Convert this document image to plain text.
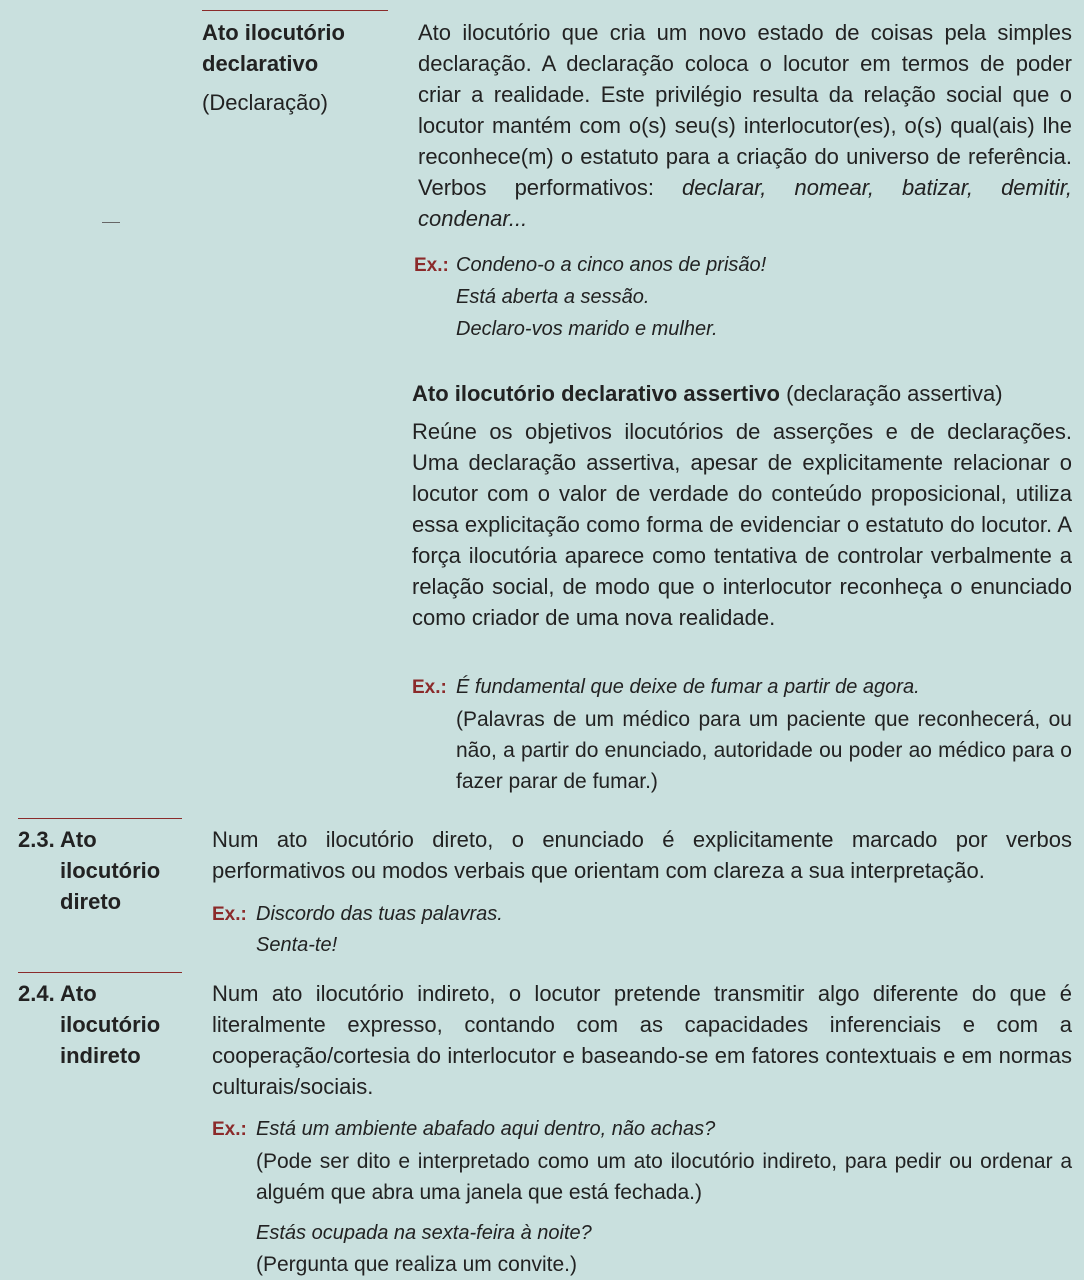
Ato ilocutório
declarativo
(Declaração)
Ato ilocutório que cria um novo estado de coisas pela simples declaração. A declaração coloca o locutor em termos de poder criar a realidade. Este privilégio resulta da relação social que o locutor mantém com o(s) seu(s) interlocutor(es), o(s) qual(ais) lhe reconhece(m) o estatuto para a criação do universo de referência. Verbos performativos: declarar, nomear, batizar, demitir, condenar...
Ex.: Condeno-o a cinco anos de prisão!
Está aberta a sessão.
Declaro-vos marido e mulher.
Ato ilocutório declarativo assertivo (declaração assertiva)
Reúne os objetivos ilocutórios de asserções e de declarações. Uma declaração assertiva, apesar de explicitamente relacionar o locutor com o valor de verdade do conteúdo proposicional, utiliza essa explicitação como forma de evidenciar o estatuto do locutor. A força ilocutória aparece como tentativa de controlar verbalmente a relação social, de modo que o interlocutor reconheça o enunciado como criador de uma nova realidade.
Ex.: É fundamental que deixe de fumar a partir de agora.
(Palavras de um médico para um paciente que reconhecerá, ou não, a partir do enunciado, autoridade ou poder ao médico para o fazer parar de fumar.)
2.3. Ato
ilocutório
direto
Num ato ilocutório direto, o enunciado é explicitamente marcado por verbos performativos ou modos verbais que orientam com clareza a sua interpretação.
Ex.: Discordo das tuas palavras.
Senta-te!
2.4. Ato
ilocutório
indireto
Num ato ilocutório indireto, o locutor pretende transmitir algo diferente do que é literalmente expresso, contando com as capacidades inferenciais e com a cooperação/cortesia do interlocutor e baseando-se em fatores contextuais e em normas culturais/sociais.
Ex.: Está um ambiente abafado aqui dentro, não achas?
(Pode ser dito e interpretado como um ato ilocutório indireto, para pedir ou ordenar a alguém que abra uma janela que está fechada.)
Estás ocupada na sexta-feira à noite?
(Pergunta que realiza um convite.)
